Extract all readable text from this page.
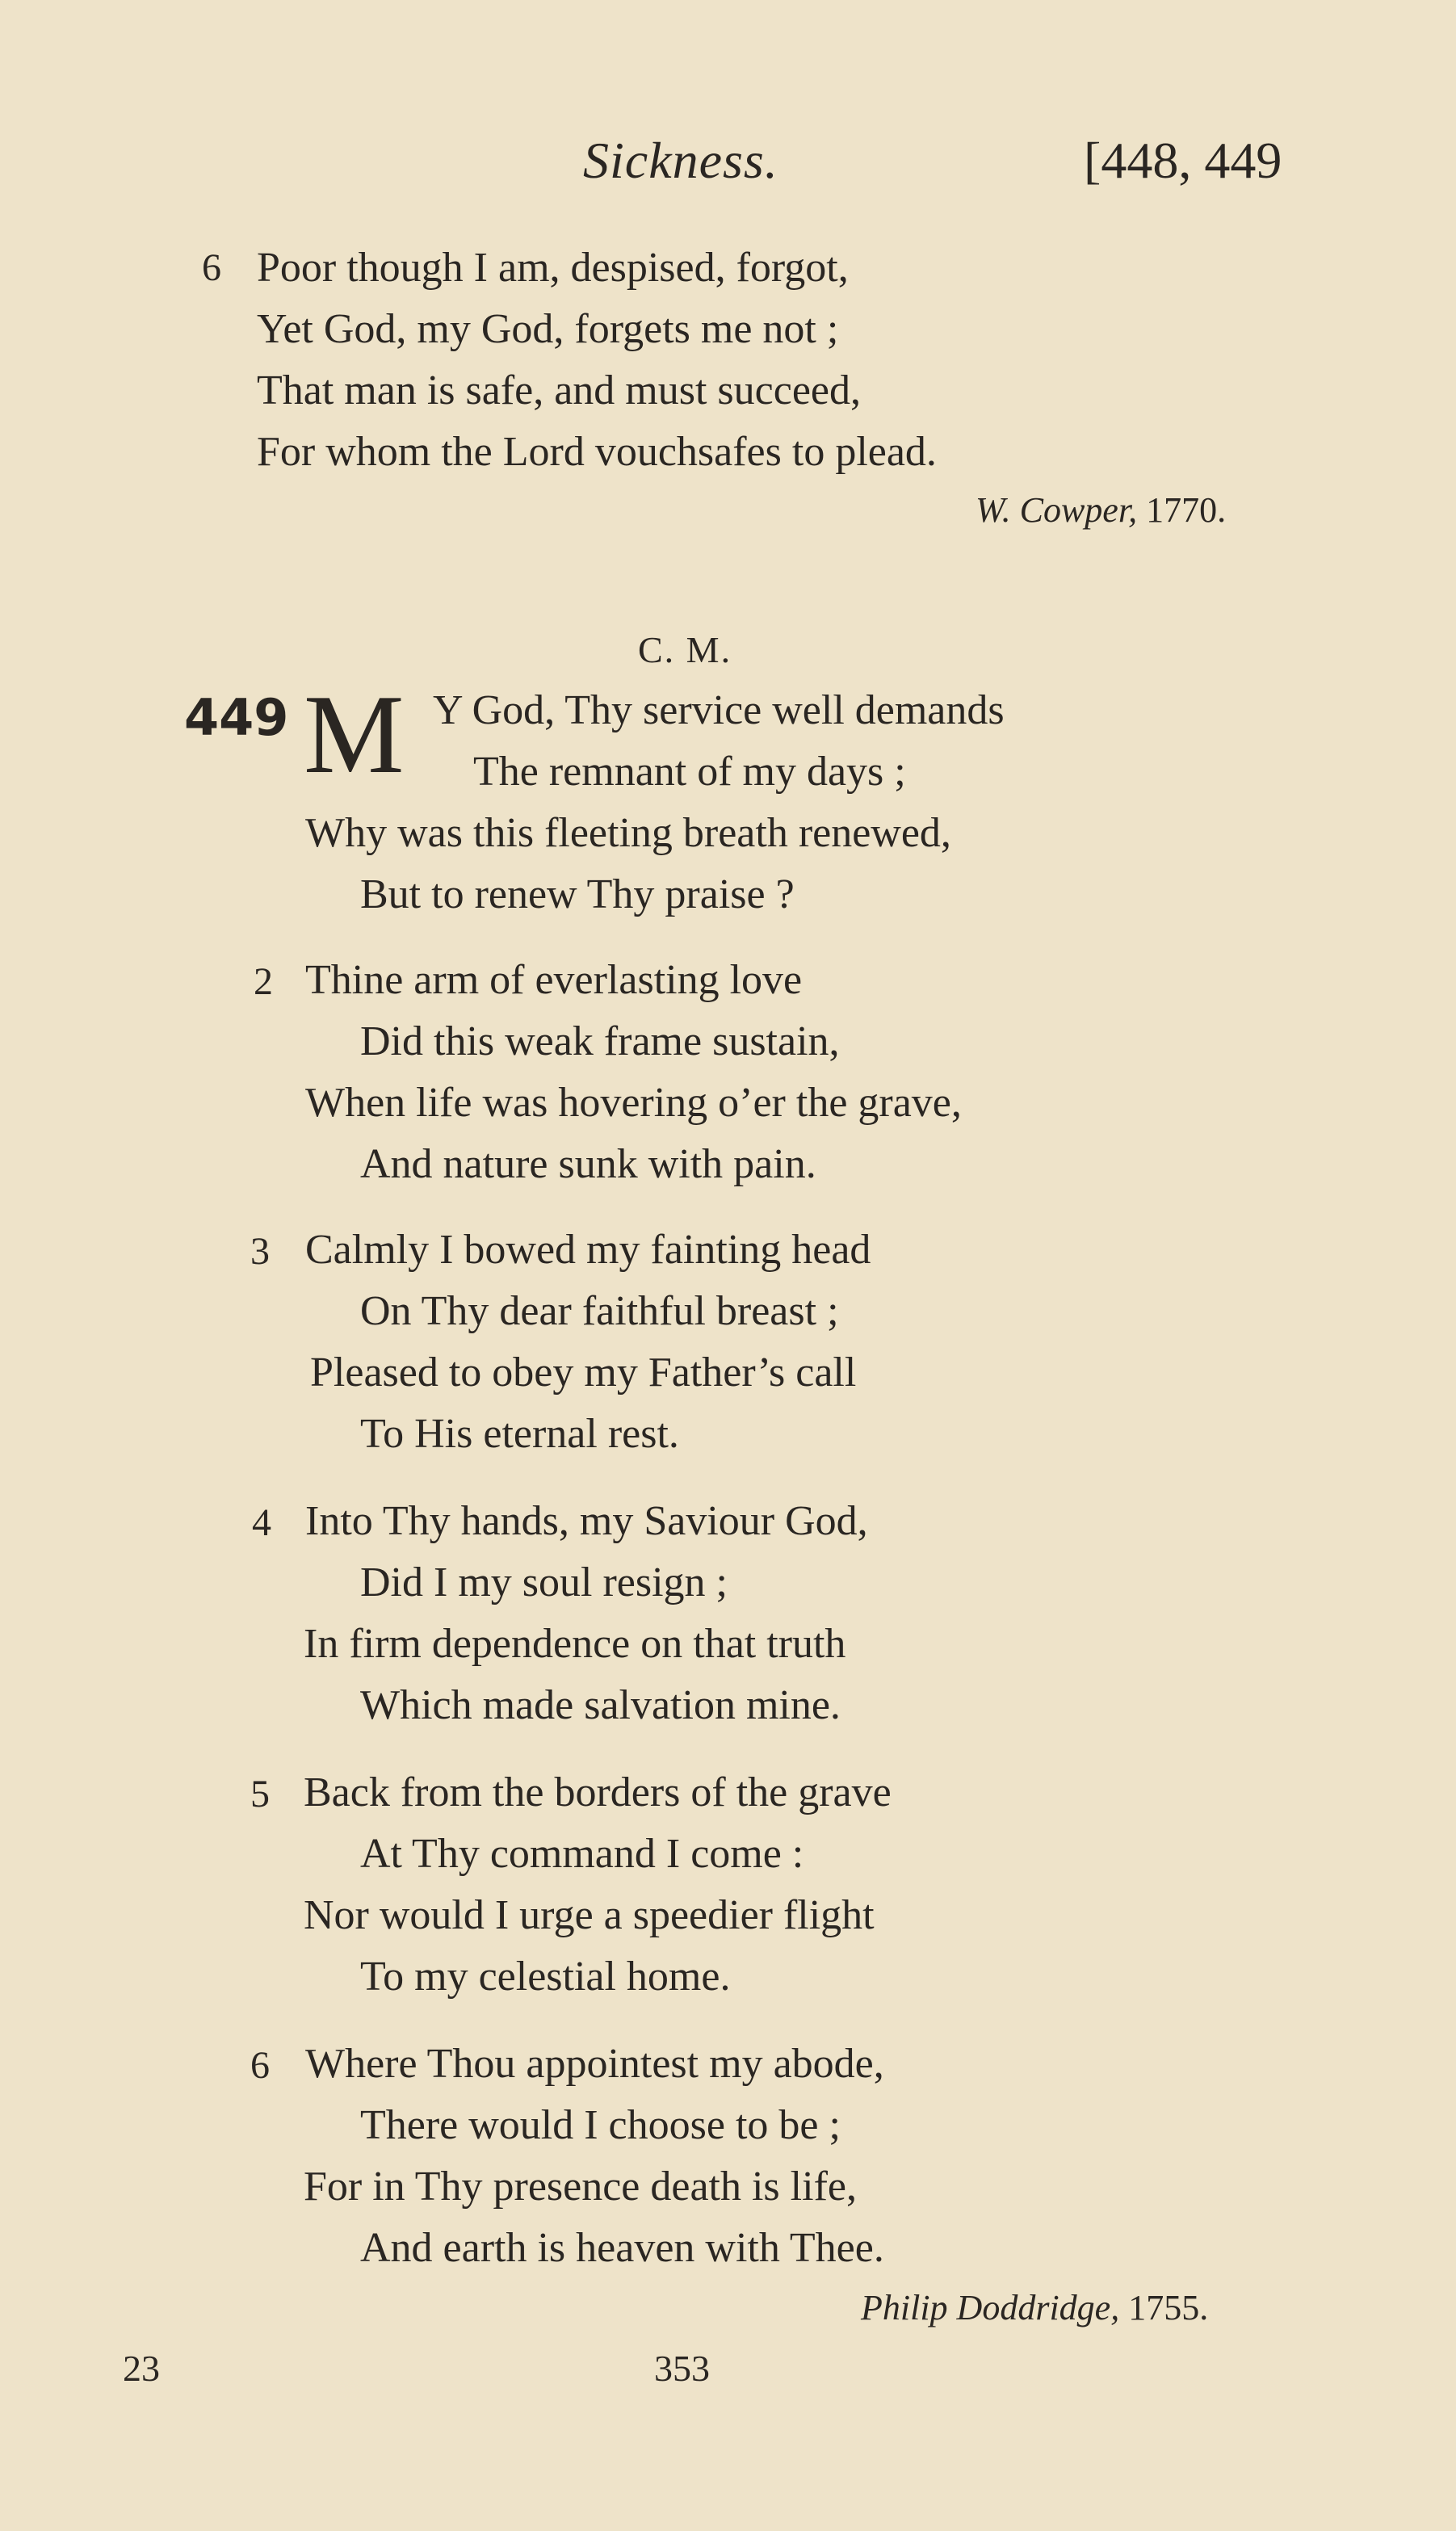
Sickness.	[448, 449
6 Poor though I am, despised, forgot,
Yet God, my God, forgets me not ;
That man is safe, and must succeed,
For whom the Lord vouchsafes to plead.
W. Cowper, 1770.
C. M.
449 M Y God, Thy service well demands
The remnant of my days ;
Why was this fleeting breath renewed,
But to renew Thy praise ?
2 Thine arm of everlasting love
Did this weak frame sustain,
When life was hovering o’er the grave,
And nature sunk with pain.
3 Calmly I bowed my fainting head
On Thy dear faithful breast ;
Pleased to obey my Father’s call
To His eternal rest.
4 Into Thy hands, my Saviour God,
Did I my soul resign ;
In firm dependence on that truth
Which made salvation mine.
5 Back from the borders of the grave
At Thy command I come :
Nor would I urge a speedier flight
To my celestial home.
6 Where Thou appointest my abode,
There would I choose to be ;
For in Thy presence death is life,
And earth is heaven with Thee.
Philip Doddridge, 1755.
23	353
